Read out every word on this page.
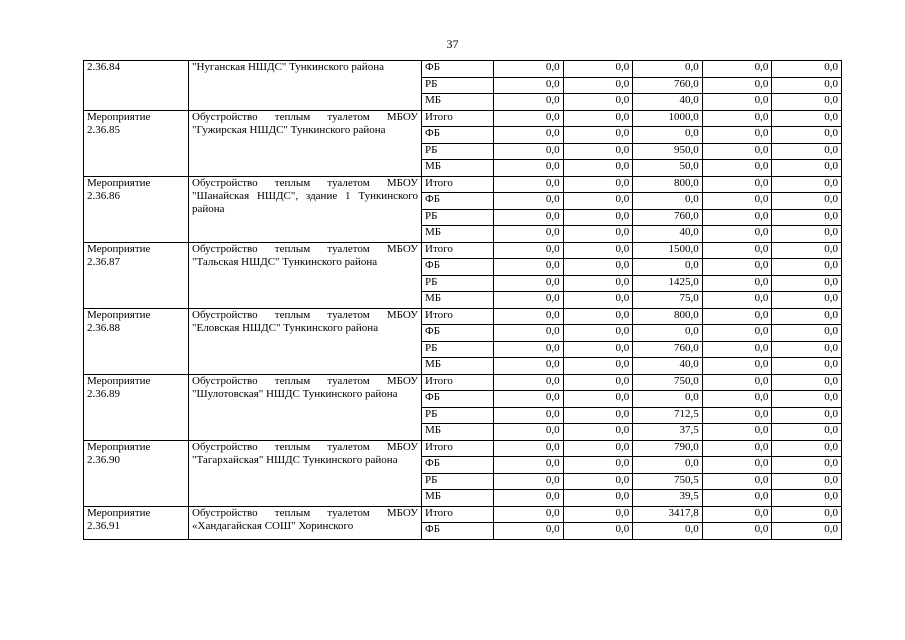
37
2.36.84	"Нуганская НШДС" Тункинского района	ФБ	0,0	0,0	0,0	0,0	0,0
		РБ	0,0	0,0	760,0	0,0	0,0
		МБ	0,0	0,0	40,0	0,0	0,0

Мероприятие
2.36.85	Обустройство теплым туалетом МБОУ "Гужирская НШДС" Тункинского района	Итого	0,0	0,0	1000,0	0,0	0,0
		ФБ	0,0	0,0	0,0	0,0	0,0
		РБ	0,0	0,0	950,0	0,0	0,0
		МБ	0,0	0,0	50,0	0,0	0,0

Мероприятие
2.36.86	Обустройство теплым туалетом МБОУ "Шанайская НШДС", здание 1 Тункинского района	Итого	0,0	0,0	800,0	0,0	0,0
		ФБ	0,0	0,0	0,0	0,0	0,0
		РБ	0,0	0,0	760,0	0,0	0,0
		МБ	0,0	0,0	40,0	0,0	0,0

Мероприятие
2.36.87	Обустройство теплым туалетом МБОУ "Тальская НШДС" Тункинского района	Итого	0,0	0,0	1500,0	0,0	0,0
		ФБ	0,0	0,0	0,0	0,0	0,0
		РБ	0,0	0,0	1425,0	0,0	0,0
		МБ	0,0	0,0	75,0	0,0	0,0

Мероприятие
2.36.88	Обустройство теплым туалетом МБОУ "Еловская НШДС" Тункинского района	Итого	0,0	0,0	800,0	0,0	0,0
		ФБ	0,0	0,0	0,0	0,0	0,0
		РБ	0,0	0,0	760,0	0,0	0,0
		МБ	0,0	0,0	40,0	0,0	0,0

Мероприятие
2.36.89	Обустройство теплым туалетом МБОУ "Шулотовская" НШДС Тункинского района	Итого	0,0	0,0	750,0	0,0	0,0
		ФБ	0,0	0,0	0,0	0,0	0,0
		РБ	0,0	0,0	712,5	0,0	0,0
		МБ	0,0	0,0	37,5	0,0	0,0

Мероприятие
2.36.90	Обустройство теплым туалетом МБОУ "Тагархайская" НШДС Тункинского района	Итого	0,0	0,0	790,0	0,0	0,0
		ФБ	0,0	0,0	0,0	0,0	0,0
		РБ	0,0	0,0	750,5	0,0	0,0
		МБ	0,0	0,0	39,5	0,0	0,0

Мероприятие
2.36.91	Обустройство теплым туалетом МБОУ «Хандагайская СОШ" Хоринского	Итого	0,0	0,0	3417,8	0,0	0,0
		ФБ	0,0	0,0	0,0	0,0	0,0
